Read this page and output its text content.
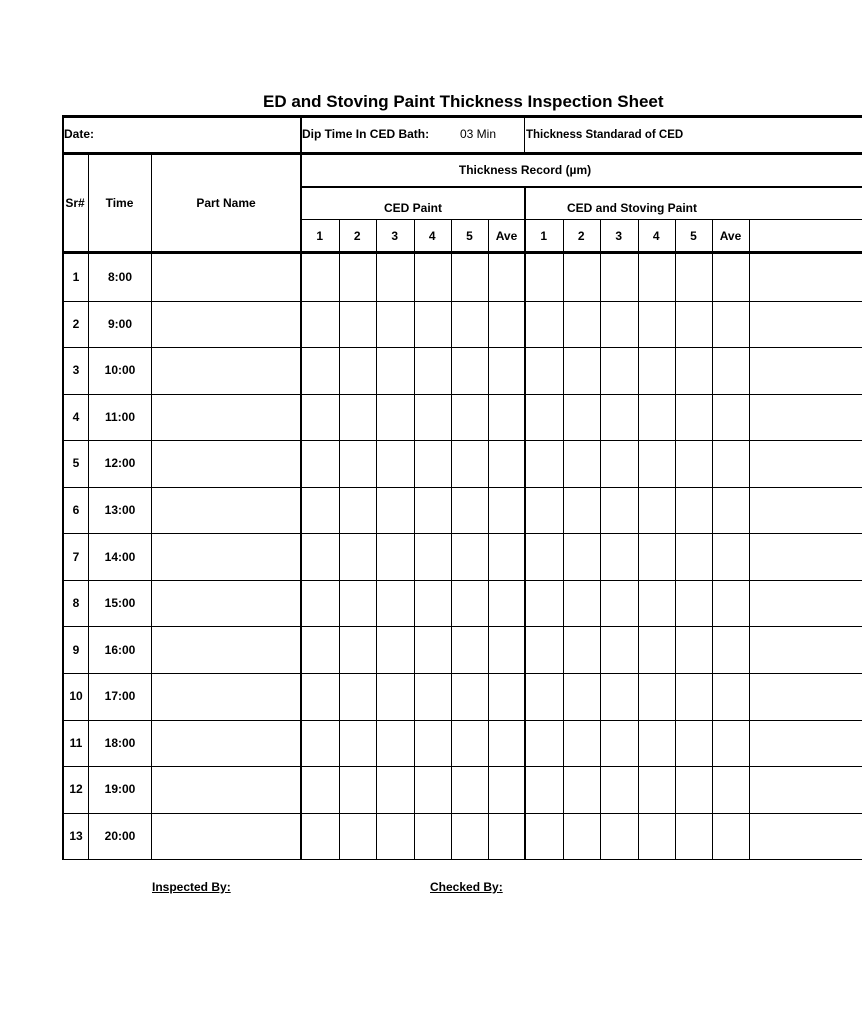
ED and Stoving Paint Thickness Inspection Sheet
Date:	Dip Time In CED Bath:	03 Min	Thickness Standarad of CED
Sr#	Time	Part Name
Thickness Record (µm)
CED Paint	CED and Stoving Paint
1	2	3	4	5	Ave	1	2	3	4	5	Ave
1	8:00
2	9:00
3	10:00
4	11:00
5	12:00
6	13:00
7	14:00
8	15:00
9	16:00
10	17:00
11	18:00
12	19:00
13	20:00
Inspected By:	Checked By:
